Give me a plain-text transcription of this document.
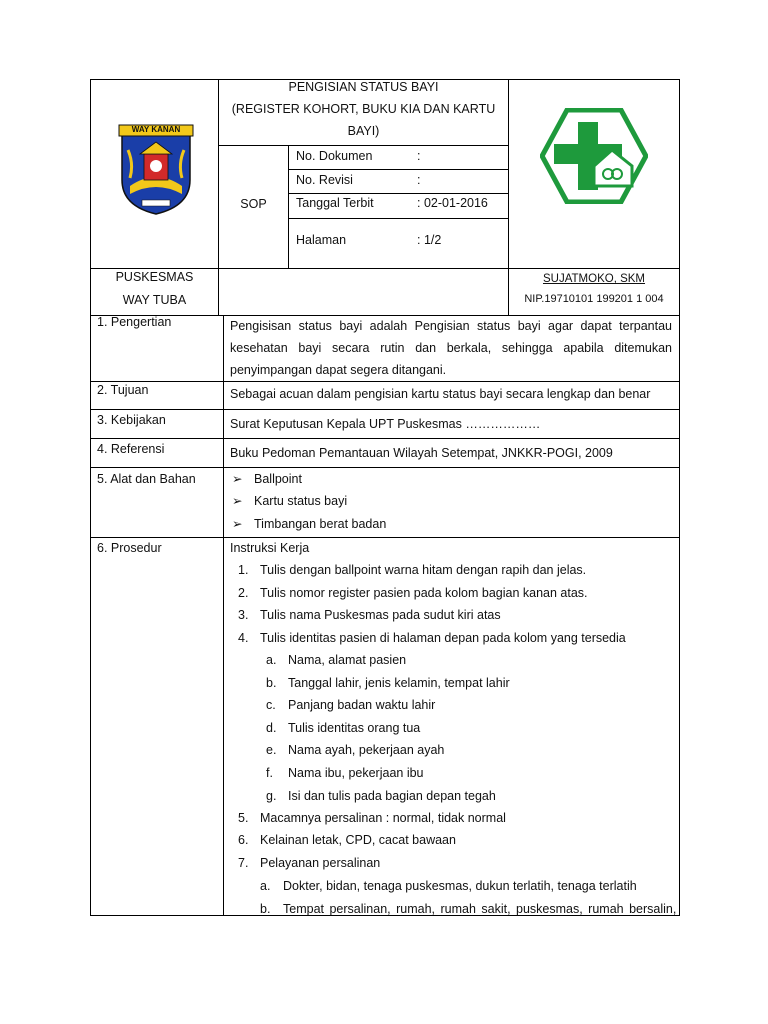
WAY KANAN
PENGISIAN STATUS BAYI
(REGISTER KOHORT, BUKU KIA DAN KARTU
BAYI)
SOP
No. Dokumen	:
No. Revisi	:
Tanggal Terbit	: 02-01-2016
Halaman	: 1/2
PUSKESMAS
WAY TUBA
SUJATMOKO, SKM
NIP.19710101 199201 1 004
1. Pengertian	Pengisisan status bayi adalah Pengisian status bayi agar dapat terpantau kesehatan bayi secara rutin dan berkala, sehingga apabila ditemukan penyimpangan dapat segera ditangani.
2. Tujuan	Sebagai acuan dalam pengisian kartu status bayi secara lengkap dan benar
3. Kebijakan	Surat Keputusan Kepala UPT Puskesmas ………………
4. Referensi	Buku Pedoman Pemantauan Wilayah Setempat, JNKKR-POGI, 2009
5. Alat dan Bahan	➢ Ballpoint
➢ Kartu status bayi
➢ Timbangan berat badan
6. Prosedur	Instruksi Kerja
1. Tulis dengan ballpoint warna hitam dengan rapih dan jelas.
2. Tulis nomor register pasien pada kolom bagian kanan atas.
3. Tulis nama Puskesmas pada sudut kiri atas
4. Tulis identitas pasien di halaman depan pada kolom yang tersedia
a. Nama, alamat pasien
b. Tanggal lahir, jenis kelamin, tempat lahir
c. Panjang badan waktu lahir
d. Tulis identitas orang tua
e. Nama ayah, pekerjaan ayah
f. Nama ibu, pekerjaan ibu
g. Isi dan tulis pada bagian depan tegah
5. Macamnya persalinan : normal, tidak normal
6. Kelainan letak, CPD, cacat bawaan
7. Pelayanan persalinan
a. Dokter, bidan, tenaga puskesmas, dukun terlatih, tenaga terlatih
b. Tempat persalinan, rumah, rumah sakit, puskesmas, rumah bersalin,
